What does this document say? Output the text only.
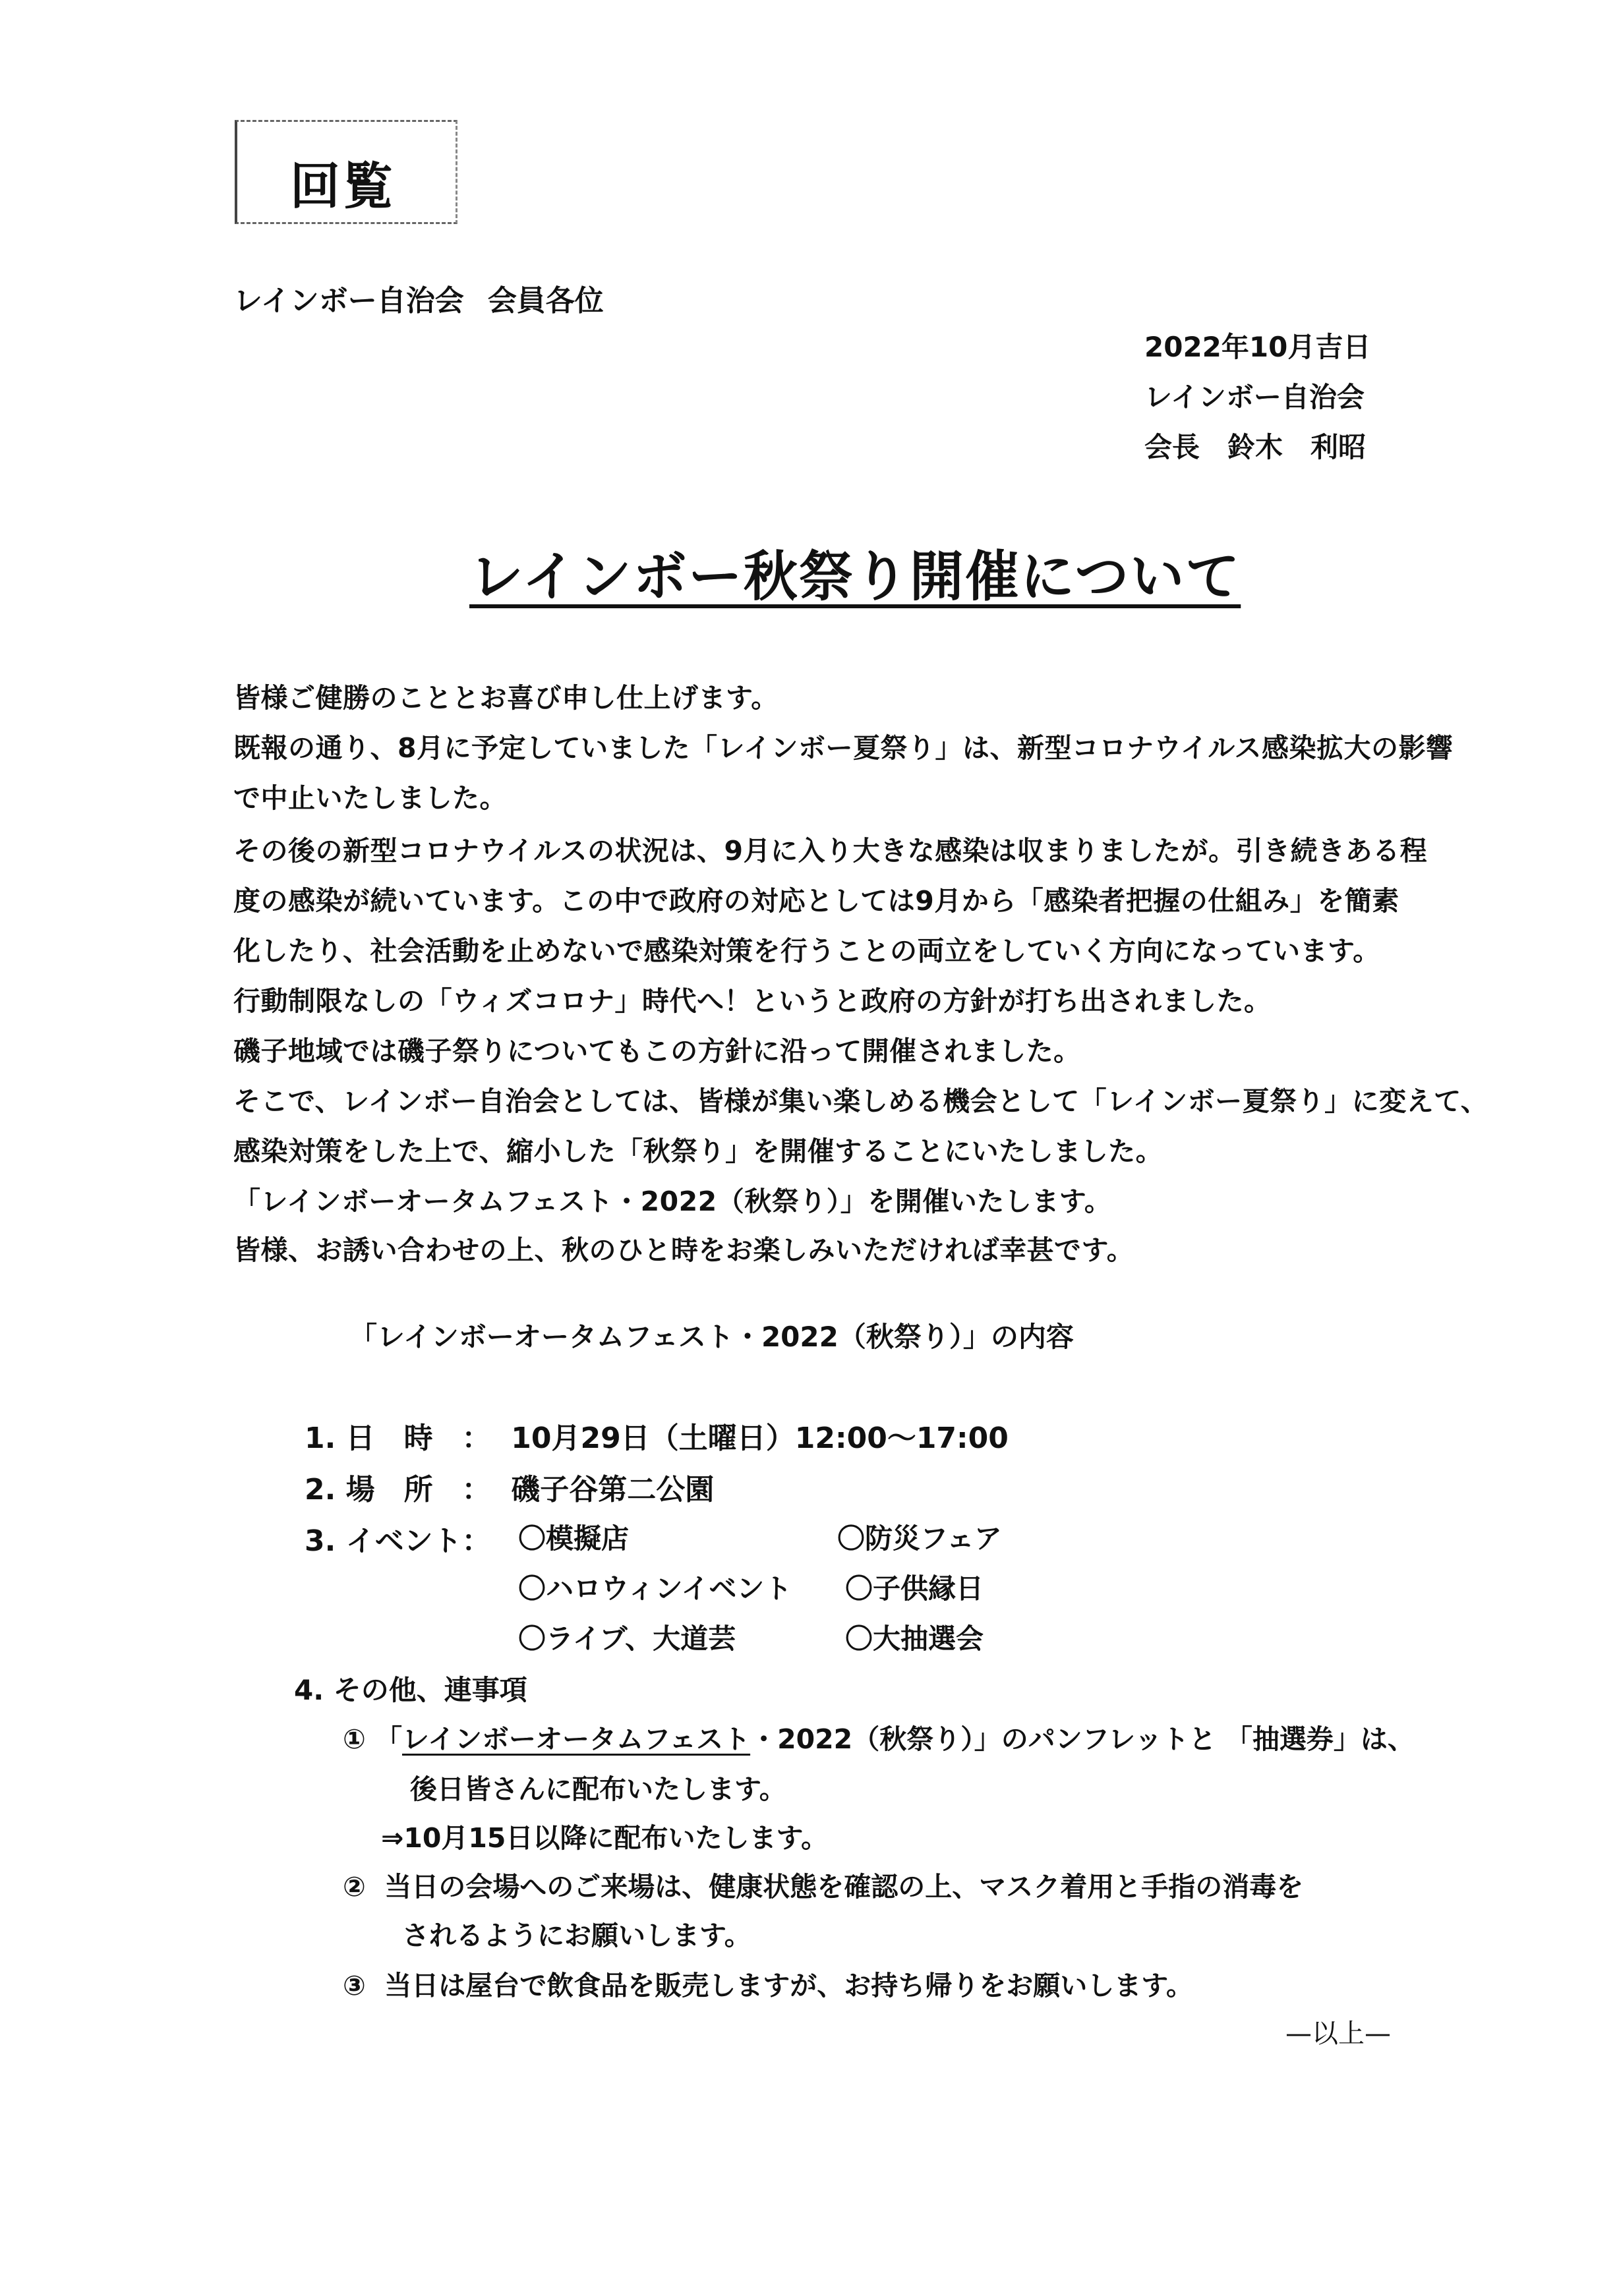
回覧
レインボー自治会 会員各位
2022年10月吉日
レインボー自治会
会長　鈴木　利昭
レインボー秋祭り開催について
皆様ご健勝のこととお喜び申し仕上げます。
既報の通り、8月に予定していました「レインボー夏祭り」は、新型コロナウイルス感染拡大の影響
で中止いたしました。
その後の新型コロナウイルスの状況は、9月に入り大きな感染は収まりましたが。引き続きある程
度の感染が続いています。この中で政府の対応としては9月から「感染者把握の仕組み」を簡素
化したり、社会活動を止めないで感染対策を行うことの両立をしていく方向になっています。
行動制限なしの「ウィズコロナ」時代へ！というと政府の方針が打ち出されました。
磯子地域では磯子祭りについてもこの方針に沿って開催されました。
そこで、レインボー自治会としては、皆様が集い楽しめる機会として「レインボー夏祭り」に変えて、
感染対策をした上で、縮小した「秋祭り」を開催することにいたしました。
「レインボーオータムフェスト・2022（秋祭り）」を開催いたします。
皆様、お誘い合わせの上、秋のひと時をお楽しみいただければ幸甚です。
「レインボーオータムフェスト・2022（秋祭り）」の内容
1. 日　時　： 10月29日（土曜日）12:00～17:00
2. 場　所　： 磯子谷第二公園
3. イベント： 〇模擬店	〇防災フェア
〇ハロウィンイベント 〇子供縁日
〇ライブ、大道芸	〇大抽選会
4. その他、連事項
① 「レインボーオータムフェスト・2022（秋祭り）」のパンフレットと 「抽選券」は、
後日皆さんに配布いたします。
⇒10月15日以降に配布いたします。
② 当日の会場へのご来場は、健康状態を確認の上、マスク着用と手指の消毒を
されるようにお願いします。
③ 当日は屋台で飲食品を販売しますが、お持ち帰りをお願いします。
—以上—
